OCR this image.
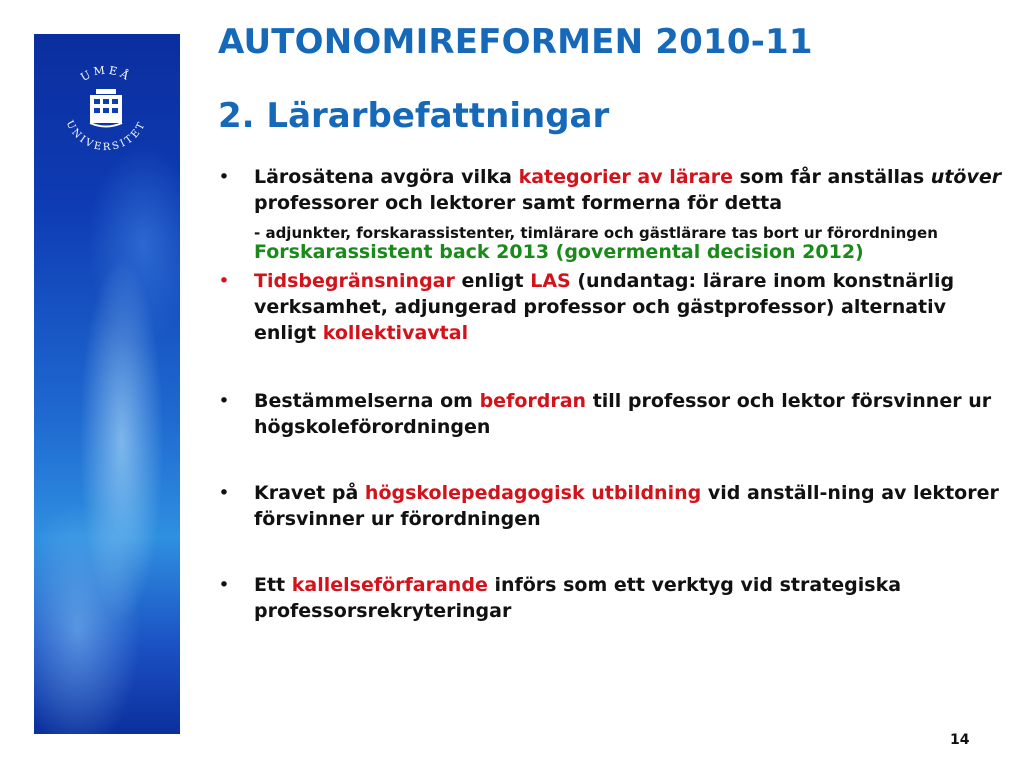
UMEÅ
UNIVERSITET
AUTONOMIREFORMEN 2010-11
2. Lärarbefattningar
• Lärosätena avgöra vilka kategorier av lärare som får anställas utöver professorer och lektorer samt formerna för detta
- adjunkter, forskarassistenter, timlärare och gästlärare tas bort ur förordningen
Forskarassistent back 2013 (govermental decision 2012)
• Tidsbegränsningar enligt LAS (undantag: lärare inom konstnärlig verksamhet, adjungerad professor och gästprofessor) alternativ enligt kollektivavtal
• Bestämmelserna om befordran till professor och lektor försvinner ur högskoleförordningen
• Kravet på högskolepedagogisk utbildning vid anställ-ning av lektorer försvinner ur förordningen
• Ett kallelseförfarande införs som ett verktyg vid strategiska professorsrekryteringar
14
